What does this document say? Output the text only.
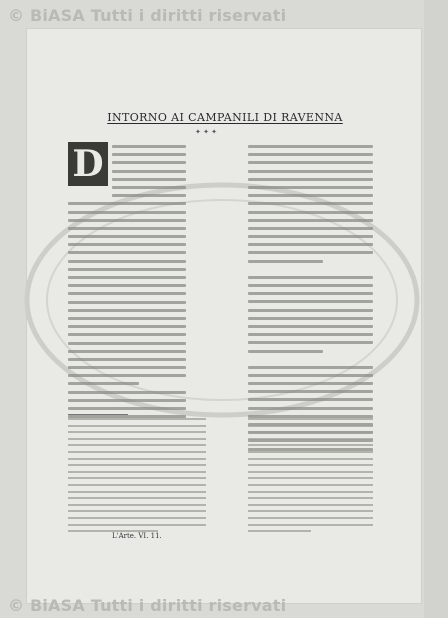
© BiASA Tutti i diritti riservati
INTORNO AI CAMPANILI DI RAVENNA
✦ ✦ ✦
D
L'Arte. VI. 11.
© BiASA Tutti i diritti riservati
